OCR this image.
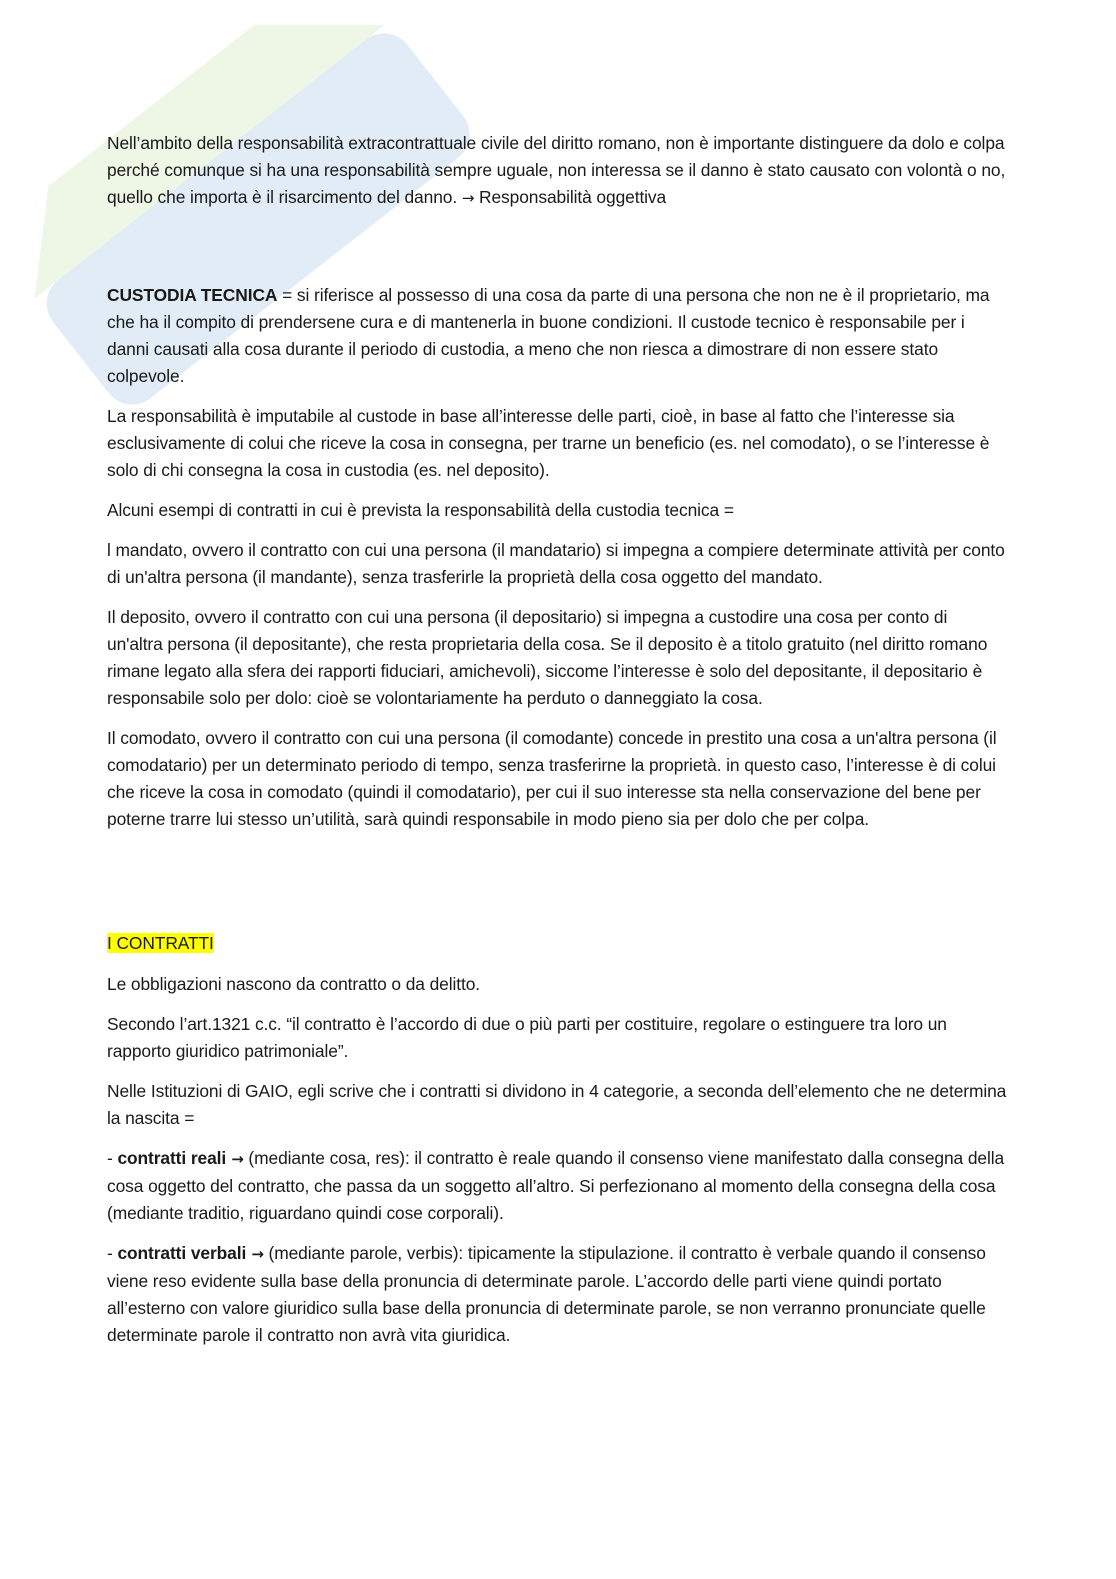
Nell’ambito della responsabilità extracontrattuale civile del diritto romano, non è importante distinguere da dolo e colpa perché comunque si ha una responsabilità sempre uguale, non interessa se il danno è stato causato con volontà o no, quello che importa è il risarcimento del danno. → Responsabilità oggettiva

CUSTODIA TECNICA = si riferisce al possesso di una cosa da parte di una persona che non ne è il proprietario, ma che ha il compito di prendersene cura e di mantenerla in buone condizioni. Il custode tecnico è responsabile per i danni causati alla cosa durante il periodo di custodia, a meno che non riesca a dimostrare di non essere stato colpevole.

La responsabilità è imputabile al custode in base all’interesse delle parti, cioè, in base al fatto che l’interesse sia esclusivamente di colui che riceve la cosa in consegna, per trarne un beneficio (es. nel comodato), o se l’interesse è solo di chi consegna la cosa in custodia (es. nel deposito).

Alcuni esempi di contratti in cui è prevista la responsabilità della custodia tecnica =

l mandato, ovvero il contratto con cui una persona (il mandatario) si impegna a compiere determinate attività per conto di un'altra persona (il mandante), senza trasferirle la proprietà della cosa oggetto del mandato.

Il deposito, ovvero il contratto con cui una persona (il depositario) si impegna a custodire una cosa per conto di un'altra persona (il depositante), che resta proprietaria della cosa. Se il deposito è a titolo gratuito (nel diritto romano rimane legato alla sfera dei rapporti fiduciari, amichevoli), siccome l’interesse è solo del depositante, il depositario è responsabile solo per dolo: cioè se volontariamente ha perduto o danneggiato la cosa.

Il comodato, ovvero il contratto con cui una persona (il comodante) concede in prestito una cosa a un'altra persona (il comodatario) per un determinato periodo di tempo, senza trasferirne la proprietà. in questo caso, l’interesse è di colui che riceve la cosa in comodato (quindi il comodatario), per cui il suo interesse sta nella conservazione del bene per poterne trarre lui stesso un’utilità, sarà quindi responsabile in modo pieno sia per dolo che per colpa.

I CONTRATTI

Le obbligazioni nascono da contratto o da delitto.

Secondo l’art.1321 c.c. “il contratto è l’accordo di due o più parti per costituire, regolare o estinguere tra loro un rapporto giuridico patrimoniale”.

Nelle Istituzioni di GAIO, egli scrive che i contratti si dividono in 4 categorie, a seconda dell’elemento che ne determina la nascita =

- contratti reali → (mediante cosa, res): il contratto è reale quando il consenso viene manifestato dalla consegna della cosa oggetto del contratto, che passa da un soggetto all’altro. Si perfezionano al momento della consegna della cosa (mediante traditio, riguardano quindi cose corporali).

- contratti verbali → (mediante parole, verbis): tipicamente la stipulazione. il contratto è verbale quando il consenso viene reso evidente sulla base della pronuncia di determinate parole. L’accordo delle parti viene quindi portato all’esterno con valore giuridico sulla base della pronuncia di determinate parole, se non verranno pronunciate quelle determinate parole il contratto non avrà vita giuridica.
